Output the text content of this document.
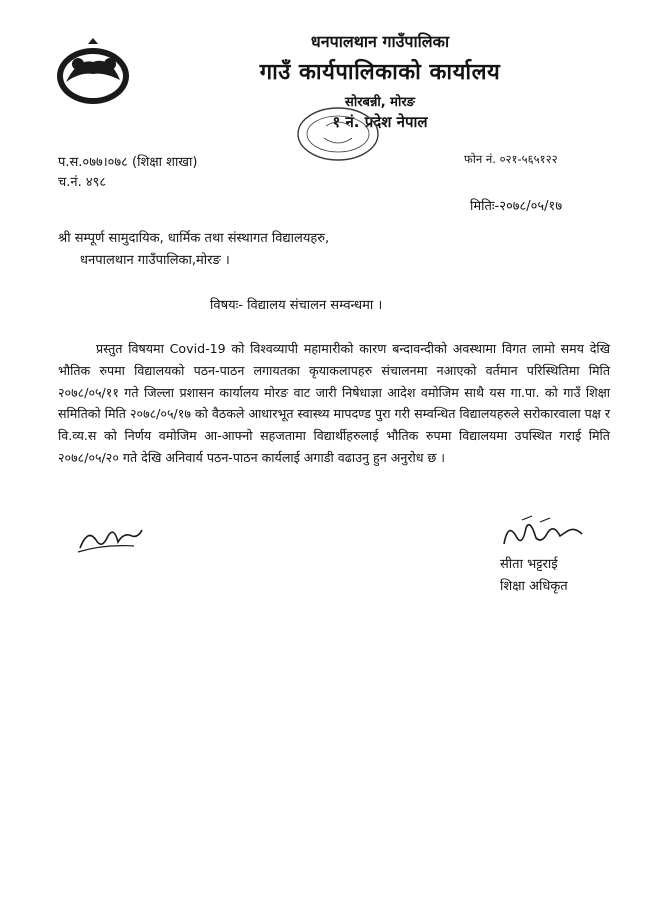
धनपालथान गाउँपालिका
गाउँ कार्यपालिकाको कार्यालय
सोरबन्नी, मोरङ
१ नं. प्रदेश नेपाल
प.स.०७७।०७८ (शिक्षा शाखा)
च.नं. ४९८
फोन नं. ०२१-५६५१२२
मितिः-२०७८/०५/१७
श्री सम्पूर्ण सामुदायिक, धार्मिक तथा संस्थागत विद्यालयहरु,
धनपालथान गाउँपालिका,मोरङ ।
विषयः- विद्यालय संचालन सम्वन्धमा ।

प्रस्तुत विषयमा Covid-19 को विश्वव्यापी महामारीको कारण बन्दावन्दीको अवस्थामा विगत लामो समय देखि भौतिक रुपमा विद्यालयको पठन-पाठन लगायतका कृयाकलापहरु संचालनमा नआएको वर्तमान परिस्थितिमा मिति २०७८/०५/११ गते जिल्ला प्रशासन कार्यालय मोरङ वाट जारी निषेधाज्ञा आदेश वमोजिम साथै यस गा.पा. को गाउँ शिक्षा समितिको मिति २०७८/०५/१७ को वैठकले आधारभूत स्वास्थ्य मापदण्ड पुरा गरी सम्वन्धित विद्यालयहरुले सरोकारवाला पक्ष र वि.व्य.स को निर्णय वमोजिम आ-आफ्नो सहजतामा विद्यार्थीहरुलाई भौतिक रुपमा विद्यालयमा उपस्थित गराई मिति २०७८/०५/२० गते देखि अनिवार्य पठन-पाठन कार्यलाई अगाडी वढाउनु हुन अनुरोध छ ।

सीता भट्टराई
शिक्षा अधिकृत
